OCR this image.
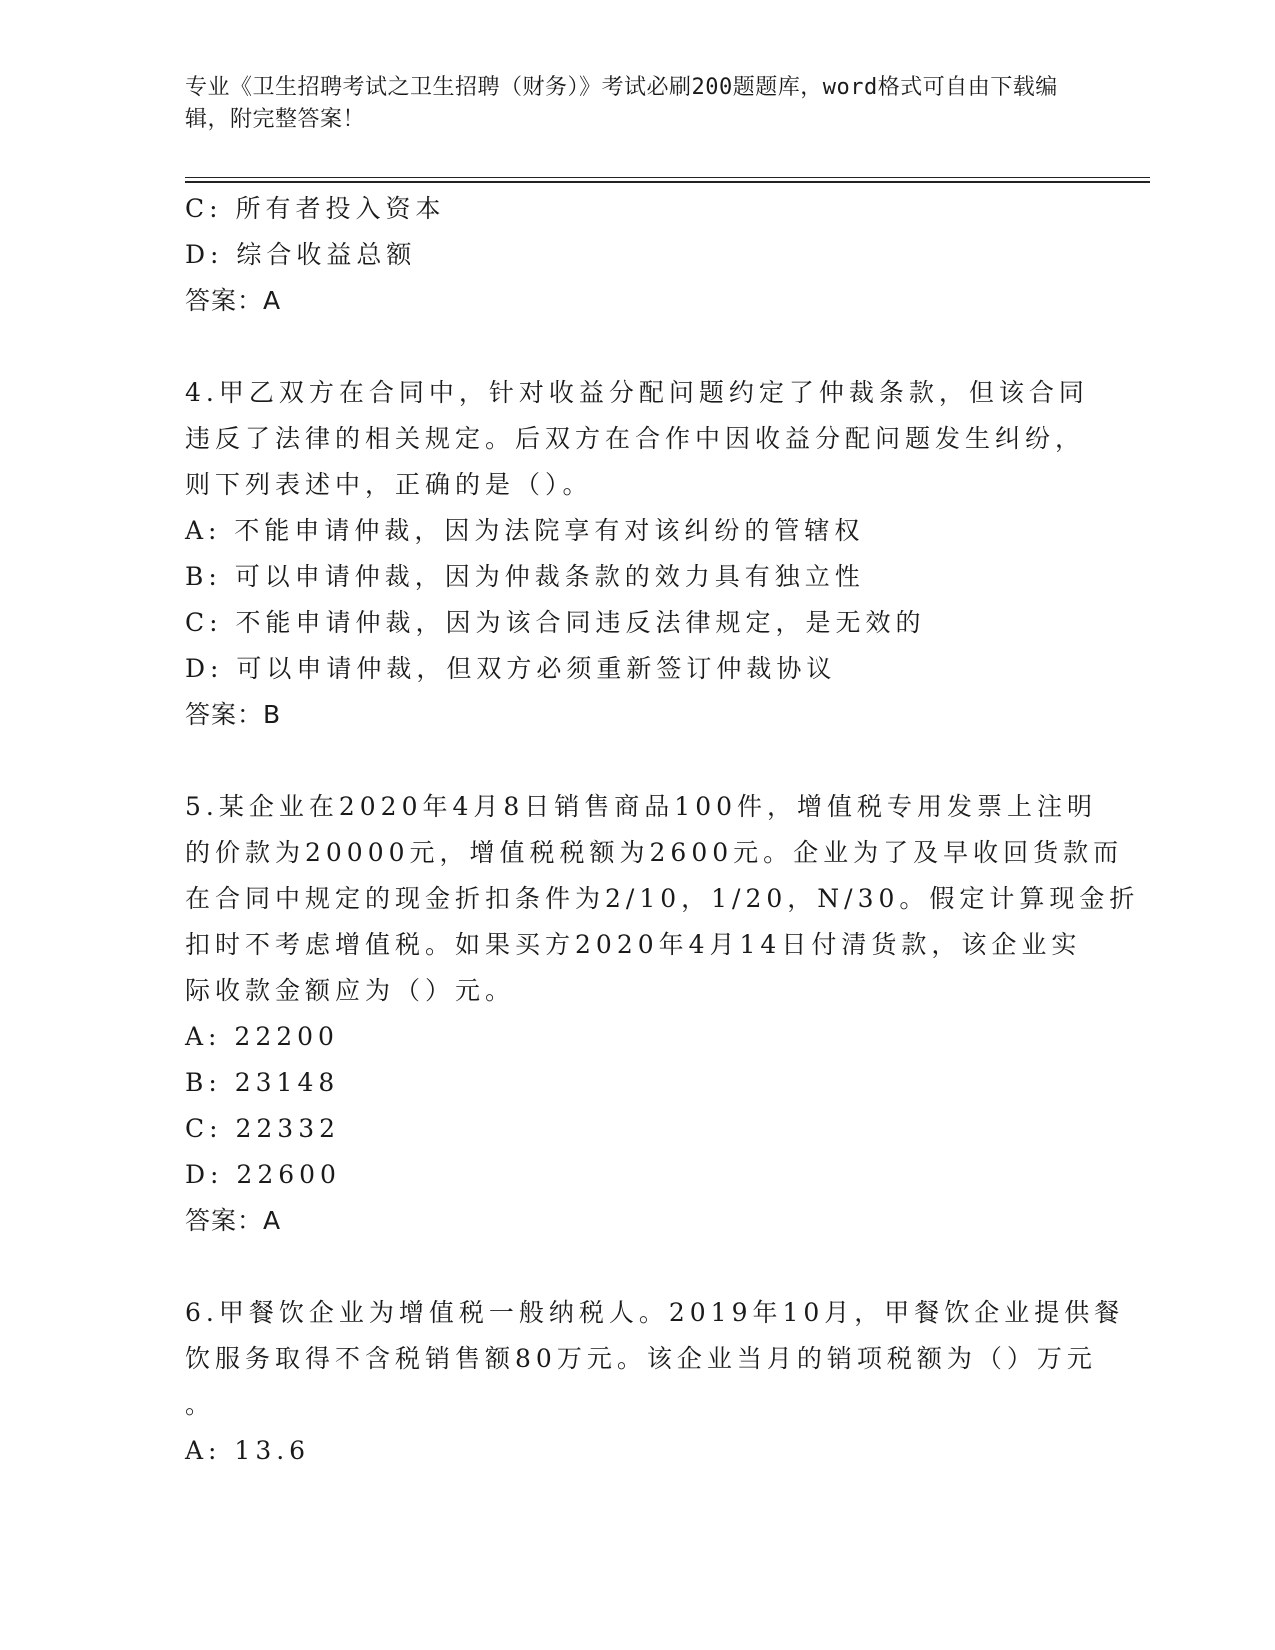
专业《卫生招聘考试之卫生招聘（财务）》考试必刷200题题库，word格式可自由下载编辑，附完整答案！
C: 所有者投入资本
D: 综合收益总额
答案：A
4.甲乙双方在合同中，针对收益分配问题约定了仲裁条款，但该合同
违反了法律的相关规定。后双方在合作中因收益分配问题发生纠纷，
则下列表述中，正确的是（）。
A: 不能申请仲裁，因为法院享有对该纠纷的管辖权
B: 可以申请仲裁，因为仲裁条款的效力具有独立性
C: 不能申请仲裁，因为该合同违反法律规定，是无效的
D: 可以申请仲裁，但双方必须重新签订仲裁协议
答案：B
5.某企业在2020年4月8日销售商品100件，增值税专用发票上注明
的价款为20000元，增值税税额为2600元。企业为了及早收回货款而
在合同中规定的现金折扣条件为2/10，1/20，N/30。假定计算现金折
扣时不考虑增值税。如果买方2020年4月14日付清货款，该企业实
际收款金额应为（）元。
A: 22200
B: 23148
C: 22332
D: 22600
答案：A
6.甲餐饮企业为增值税一般纳税人。2019年10月，甲餐饮企业提供餐
饮服务取得不含税销售额80万元。该企业当月的销项税额为（）万元
。
A: 13.6
